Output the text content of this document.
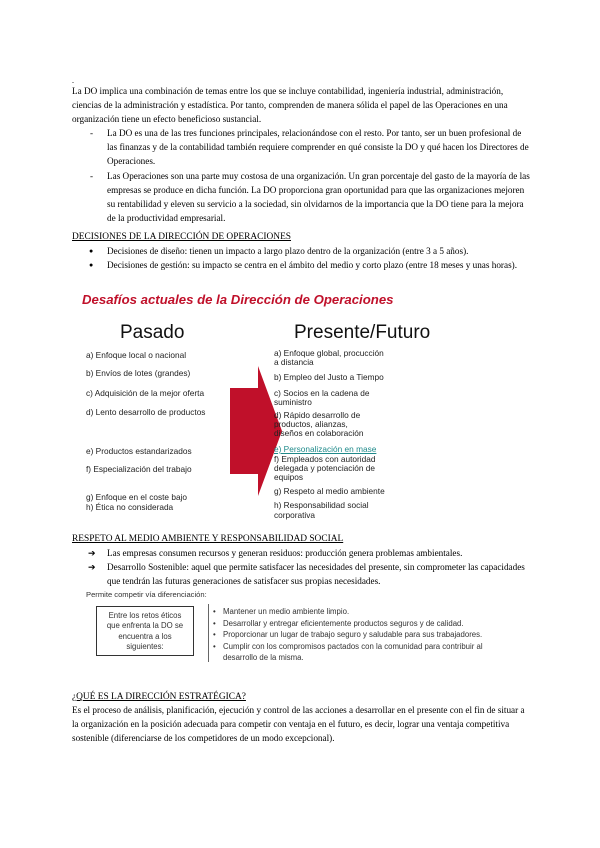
.
La DO implica una combinación de temas entre los que se incluye contabilidad, ingeniería industrial, administración, ciencias de la administración y estadística. Por tanto, comprenden de manera sólida el papel de las Operaciones en una organización tiene un efecto beneficioso sustancial.
- La DO es una de las tres funciones principales, relacionándose con el resto. Por tanto, ser un buen profesional de las finanzas y de la contabilidad también requiere comprender en qué consiste la DO y qué hacen los Directores de Operaciones.
- Las Operaciones son una parte muy costosa de una organización. Un gran porcentaje del gasto de la mayoría de las empresas se produce en dicha función. La DO proporciona gran oportunidad para que las organizaciones mejoren su rentabilidad y eleven su servicio a la sociedad, sin olvidarnos de la importancia que la DO tiene para la mejora de la productividad empresarial.
DECISIONES DE LA DIRECCIÓN DE OPERACIONES
● Decisiones de diseño: tienen un impacto a largo plazo dentro de la organización (entre 3 a 5 años).
● Decisiones de gestión: su impacto se centra en el ámbito del medio y corto plazo (entre 18 meses y unas horas).
Desafíos actuales de la Dirección de Operaciones
Pasado	Presente/Futuro
a) Enfoque local o nacional
b) Envíos de lotes (grandes)
c) Adquisición de la mejor oferta
d) Lento desarrollo de productos
e) Productos estandarizados
f) Especialización del trabajo
g) Enfoque en el coste bajo
h) Ética no considerada
a) Enfoque global, procucción
a distancia
b) Empleo del Justo a Tiempo
c) Socios en la cadena de
suministro
d) Rápido desarrollo de
productos, alianzas,
diseños en colaboración
e) Personalización en mase
f) Empleados con autoridad
delegada y potenciación de
equipos
g) Respeto al medio ambiente
h) Responsabilidad social
corporativa
RESPETO AL MEDIO AMBIENTE Y RESPONSABILIDAD SOCIAL
➔ Las empresas consumen recursos y generan residuos: producción genera problemas ambientales.
➔ Desarrollo Sostenible: aquel que permite satisfacer las necesidades del presente, sin comprometer las capacidades que tendrán las futuras generaciones de satisfacer sus propias necesidades.
Permite competir vía diferenciación:
Entre los retos éticos
que enfrenta la DO se
encuentra a los
siguientes:
• Mantener un medio ambiente limpio.
• Desarrollar y entregar eficientemente productos seguros y de calidad.
• Proporcionar un lugar de trabajo seguro y saludable para sus trabajadores.
• Cumplir con los compromisos pactados con la comunidad para contribuir al
desarrollo de la misma.
¿QUÉ ES LA DIRECCIÓN ESTRATÉGICA?
Es el proceso de análisis, planificación, ejecución y control de las acciones a desarrollar en el presente con el fin de situar a la organización en la posición adecuada para competir con ventaja en el futuro, es decir, lograr una ventaja competitiva sostenible (diferenciarse de los competidores de un modo excepcional).
